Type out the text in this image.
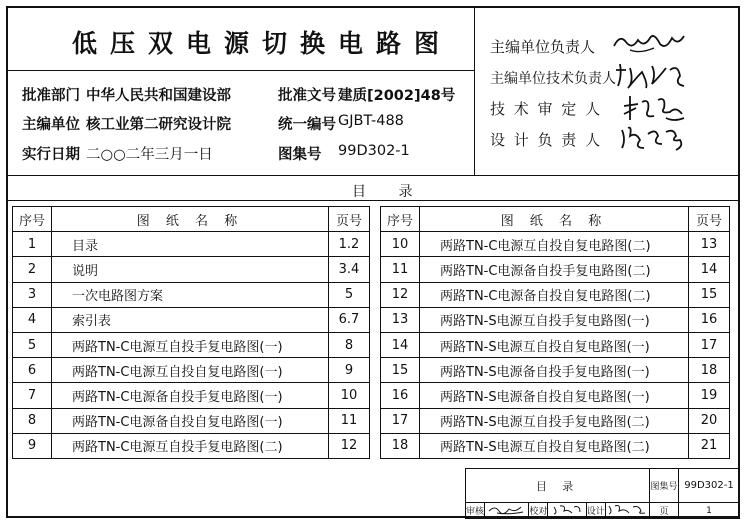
低压双电源切换电路图
批准部门 中华人民共和国建设部	批准文号 建质[2002]48号
主编单位 核工业第二研究设计院	统一编号 GJBT-488
实行日期 二○○二年三月一日	图集号 99D302-1
主编单位负责人
主编单位技术负责人
技 术 审 定 人
设 计 负 责 人
目 录
序号	图 纸 名 称	页号
1	目录	1.2
2	说明	3.4
3	一次电路图方案	5
4	索引表	6.7
5	两路TN-C电源互自投手复电路图(一)	8
6	两路TN-C电源互自投自复电路图(一)	9
7	两路TN-C电源备自投手复电路图(一)	10
8	两路TN-C电源备自投自复电路图(一)	11
9	两路TN-C电源互自投手复电路图(二)	12
序号	图 纸 名 称	页号
10	两路TN-C电源互自投自复电路图(二)	13
11	两路TN-C电源备自投手复电路图(二)	14
12	两路TN-C电源备自投自复电路图(二)	15
13	两路TN-S电源互自投手复电路图(一)	16
14	两路TN-S电源互自投自复电路图(一)	17
15	两路TN-S电源备自投手复电路图(一)	18
16	两路TN-S电源备自投自复电路图(一)	19
17	两路TN-S电源互自投手复电路图(二)	20
18	两路TN-S电源互自投自复电路图(二)	21
目 录						图集号	99D302-1
审核		校对		设计		页	1
